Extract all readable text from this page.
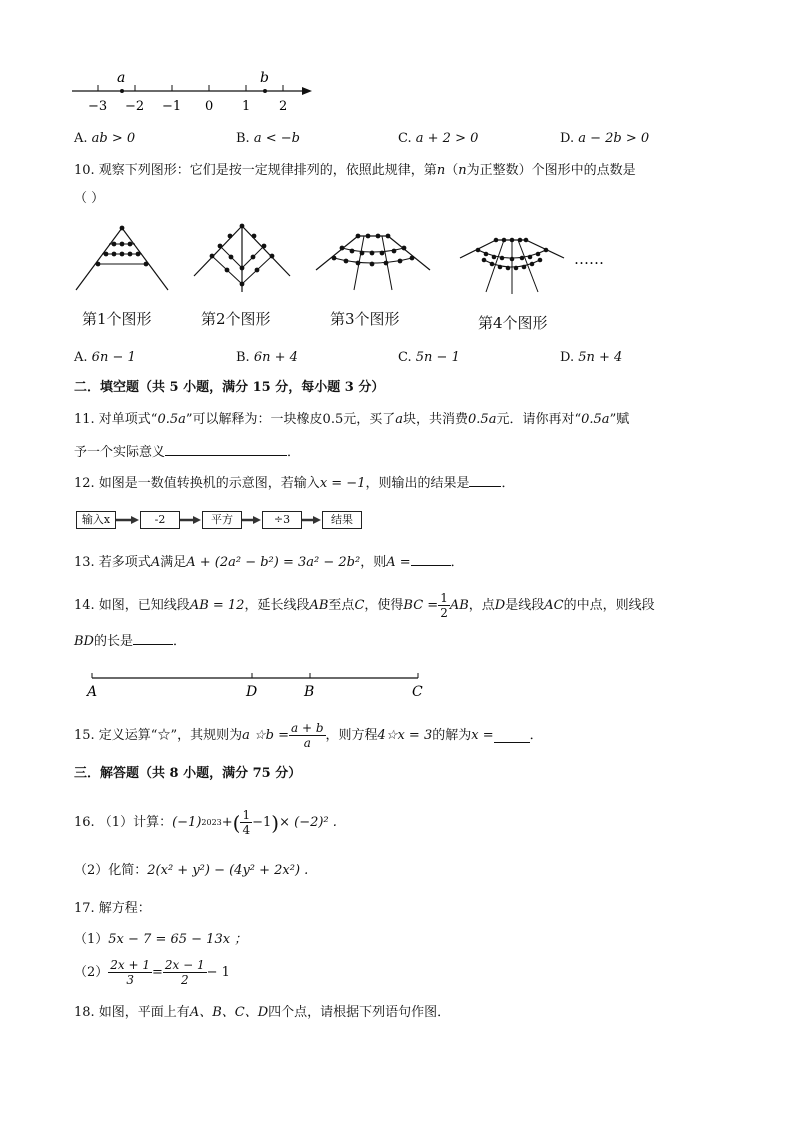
−3 −2 −1 0 1 2
a	b
A. ab > 0	B. a < −b	C. a + 2 > 0	D. a − 2b > 0
10. 观察下列图形：它们是按一定规律排列的，依照此规律，第n（n为正整数）个图形中的点数是
（ ）
……
第1个图形	第2个图形	第3个图形	第4个图形
A. 6n − 1	B. 6n + 4	C. 5n − 1	D. 5n + 4
二．填空题（共 5 小题，满分 15 分，每小题 3 分）
11. 对单项式“0.5a”可以解释为：一块橡皮0.5元，买了a块，共消费0.5a元．请你再对“0.5a”赋
予一个实际意义	．
12. 如图是一数值转换机的示意图，若输入x = −1，则输出的结果是 ．
输入x	-2	平方	÷3	结果
13. 若多项式A满足A + (2a² − b²) = 3a² − 2b²，则A =	．
14. 如图，已知线段 AB = 12 ，延长线段 AB 至点 C ，使得 BC = $\frac{1}{2}$ AB ，点 D 是线段 AC 的中点，则线段
BD的长是	．
A	D	B	C
15. 定义运算“☆”，其规则为 a ☆b = $\frac{a + b}{a}$ ，则方程 4☆x = 3 的解为 x =	．
三．解答题（共 8 小题，满分 75 分）
16. （1）计算： (−1) 2023 + ( $\frac{1}{4} -1$ ) × (−2)² .
（2）化简：2(x² + y²) − (4y² + 2x²) .
17. 解方程：
（1）5x − 7 = 65 − 13x ；
$(2) \frac{2x + 1}{3} = \frac{2x - 1}{2} - 1$
18. 如图，平面上有A、B、C、D四个点，请根据下列语句作图．
